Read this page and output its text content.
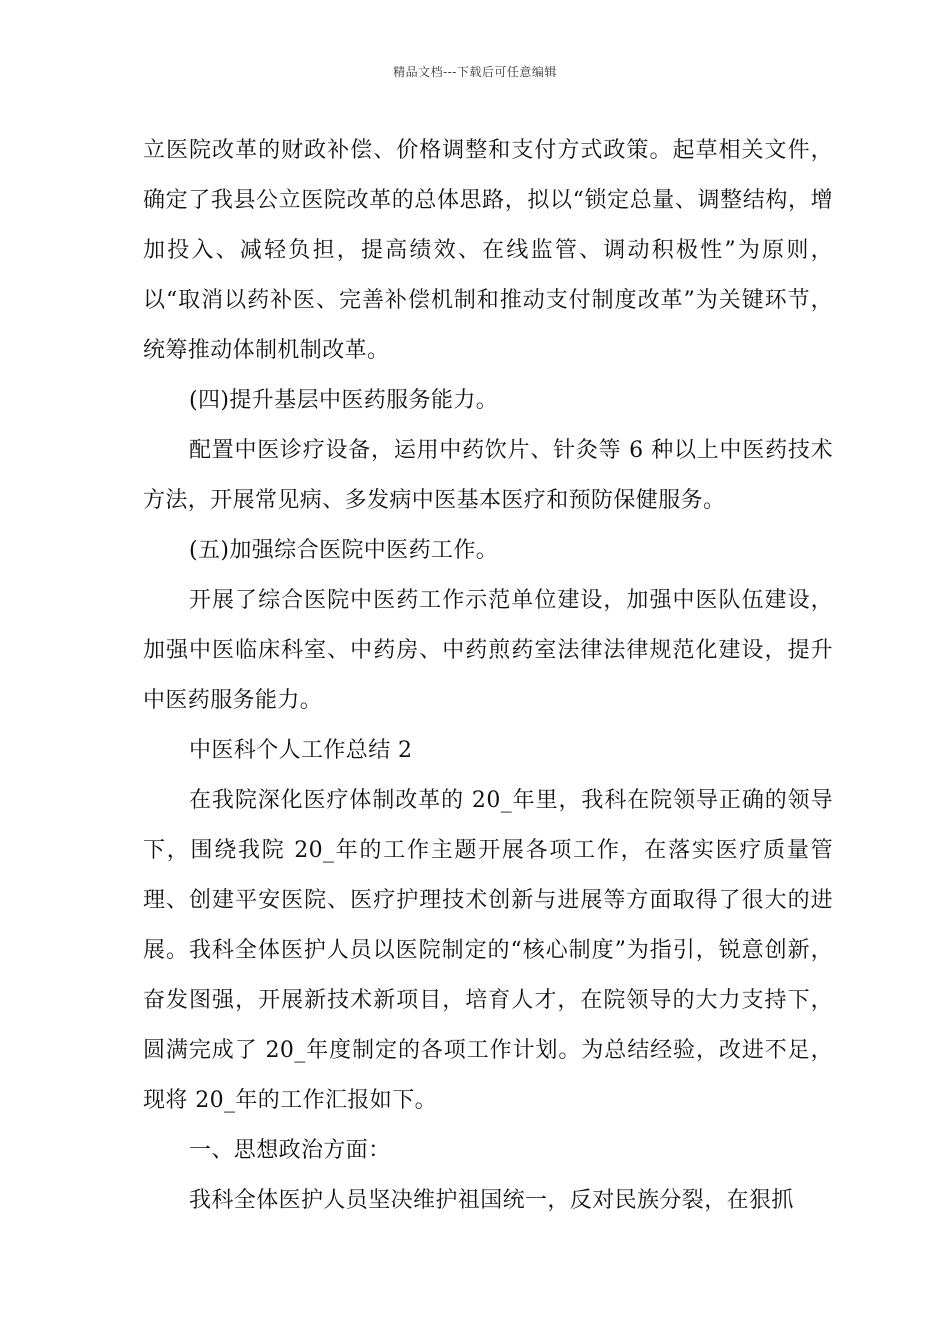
精品文档---下载后可任意编辑

立医院改革的财政补偿、价格调整和支付方式政策。起草相关文件，确定了我县公立医院改革的总体思路，拟以“锁定总量、调整结构，增加投入、减轻负担，提高绩效、在线监管、调动积极性”为原则，以“取消以药补医、完善补偿机制和推动支付制度改革”为关键环节，统筹推动体制机制改革。

(四)提升基层中医药服务能力。

配置中医诊疗设备，运用中药饮片、针灸等 6 种以上中医药技术方法，开展常见病、多发病中医基本医疗和预防保健服务。

(五)加强综合医院中医药工作。

开展了综合医院中医药工作示范单位建设，加强中医队伍建设，加强中医临床科室、中药房、中药煎药室法律法律规范化建设，提升中医药服务能力。

中医科个人工作总结 2

在我院深化医疗体制改革的 20_年里，我科在院领导正确的领导下，围绕我院 20_年的工作主题开展各项工作，在落实医疗质量管理、创建平安医院、医疗护理技术创新与进展等方面取得了很大的进展。我科全体医护人员以医院制定的“核心制度”为指引，锐意创新，奋发图强，开展新技术新项目，培育人才，在院领导的大力支持下，圆满完成了 20_年度制定的各项工作计划。为总结经验，改进不足，现将 20_年的工作汇报如下。

一、思想政治方面：

我科全体医护人员坚决维护祖国统一，反对民族分裂，在狠抓
